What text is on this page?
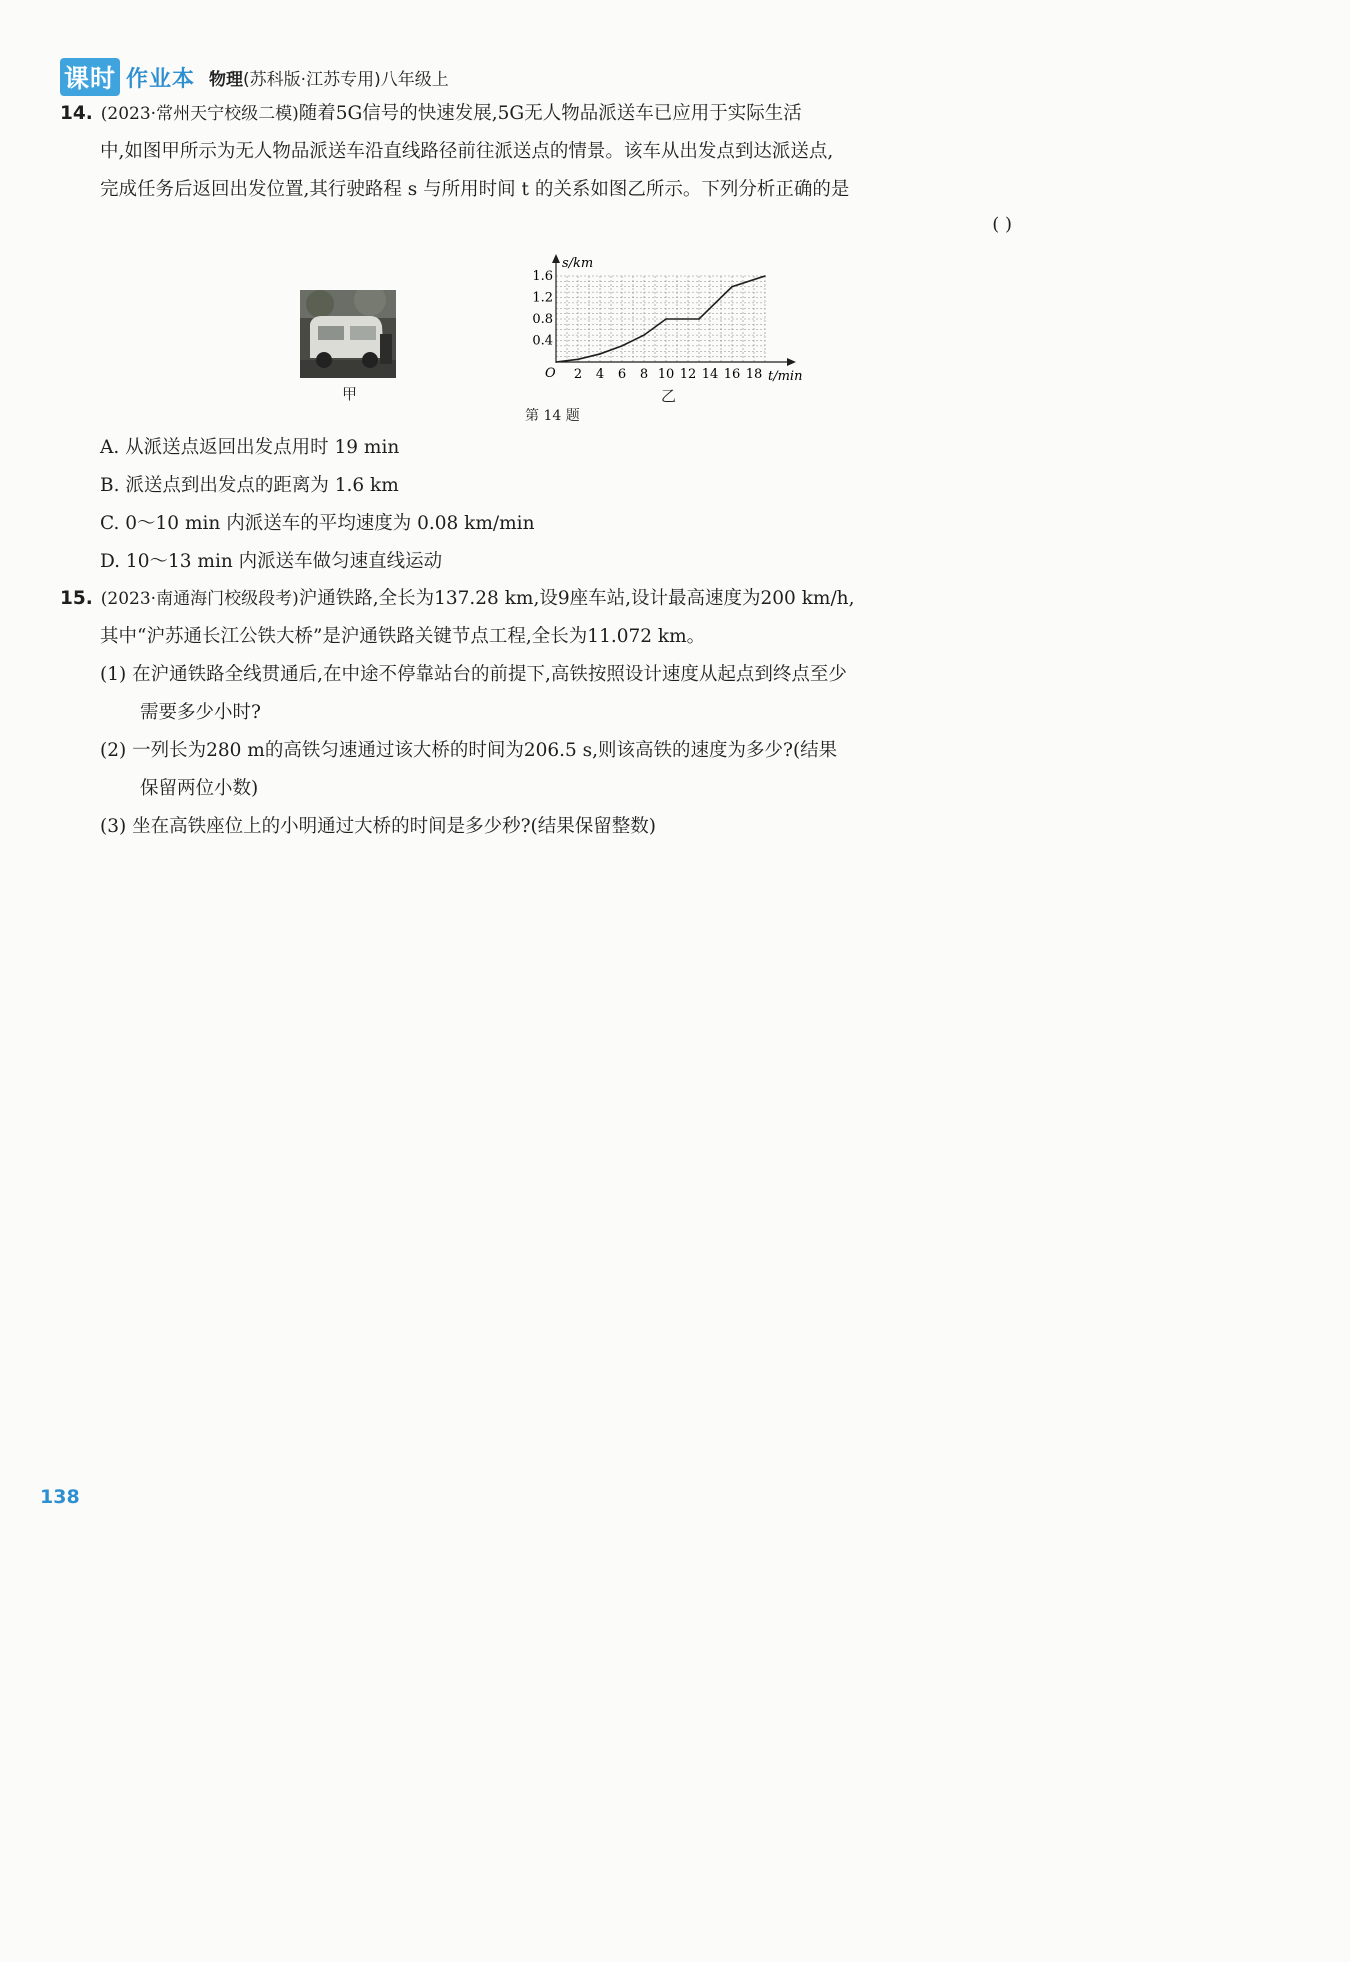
课时 作业本 物理(苏科版·江苏专用)八年级上
14. (2023·常州天宁校级二模)随着5G信号的快速发展,5G无人物品派送车已应用于实际生活
中,如图甲所示为无人物品派送车沿直线路径前往派送点的情景。该车从出发点到达派送点,
完成任务后返回出发位置,其行驶路程 s 与所用时间 t 的关系如图乙所示。下列分析正确的是
( )
甲
s/km
t/min
O 2 4 6 8 10 12 14 16 18
0.4
0.8
1.2
1.6
乙
第 14 题
A. 从派送点返回出发点用时 19 min
B. 派送点到出发点的距离为 1.6 km
C. 0～10 min 内派送车的平均速度为 0.08 km/min
D. 10～13 min 内派送车做匀速直线运动
15. (2023·南通海门校级段考)沪通铁路,全长为137.28 km,设9座车站,设计最高速度为200 km/h,
其中“沪苏通长江公铁大桥”是沪通铁路关键节点工程,全长为11.072 km。
(1) 在沪通铁路全线贯通后,在中途不停靠站台的前提下,高铁按照设计速度从起点到终点至少
需要多少小时?
(2) 一列长为280 m的高铁匀速通过该大桥的时间为206.5 s,则该高铁的速度为多少?(结果
保留两位小数)
(3) 坐在高铁座位上的小明通过大桥的时间是多少秒?(结果保留整数)
138
